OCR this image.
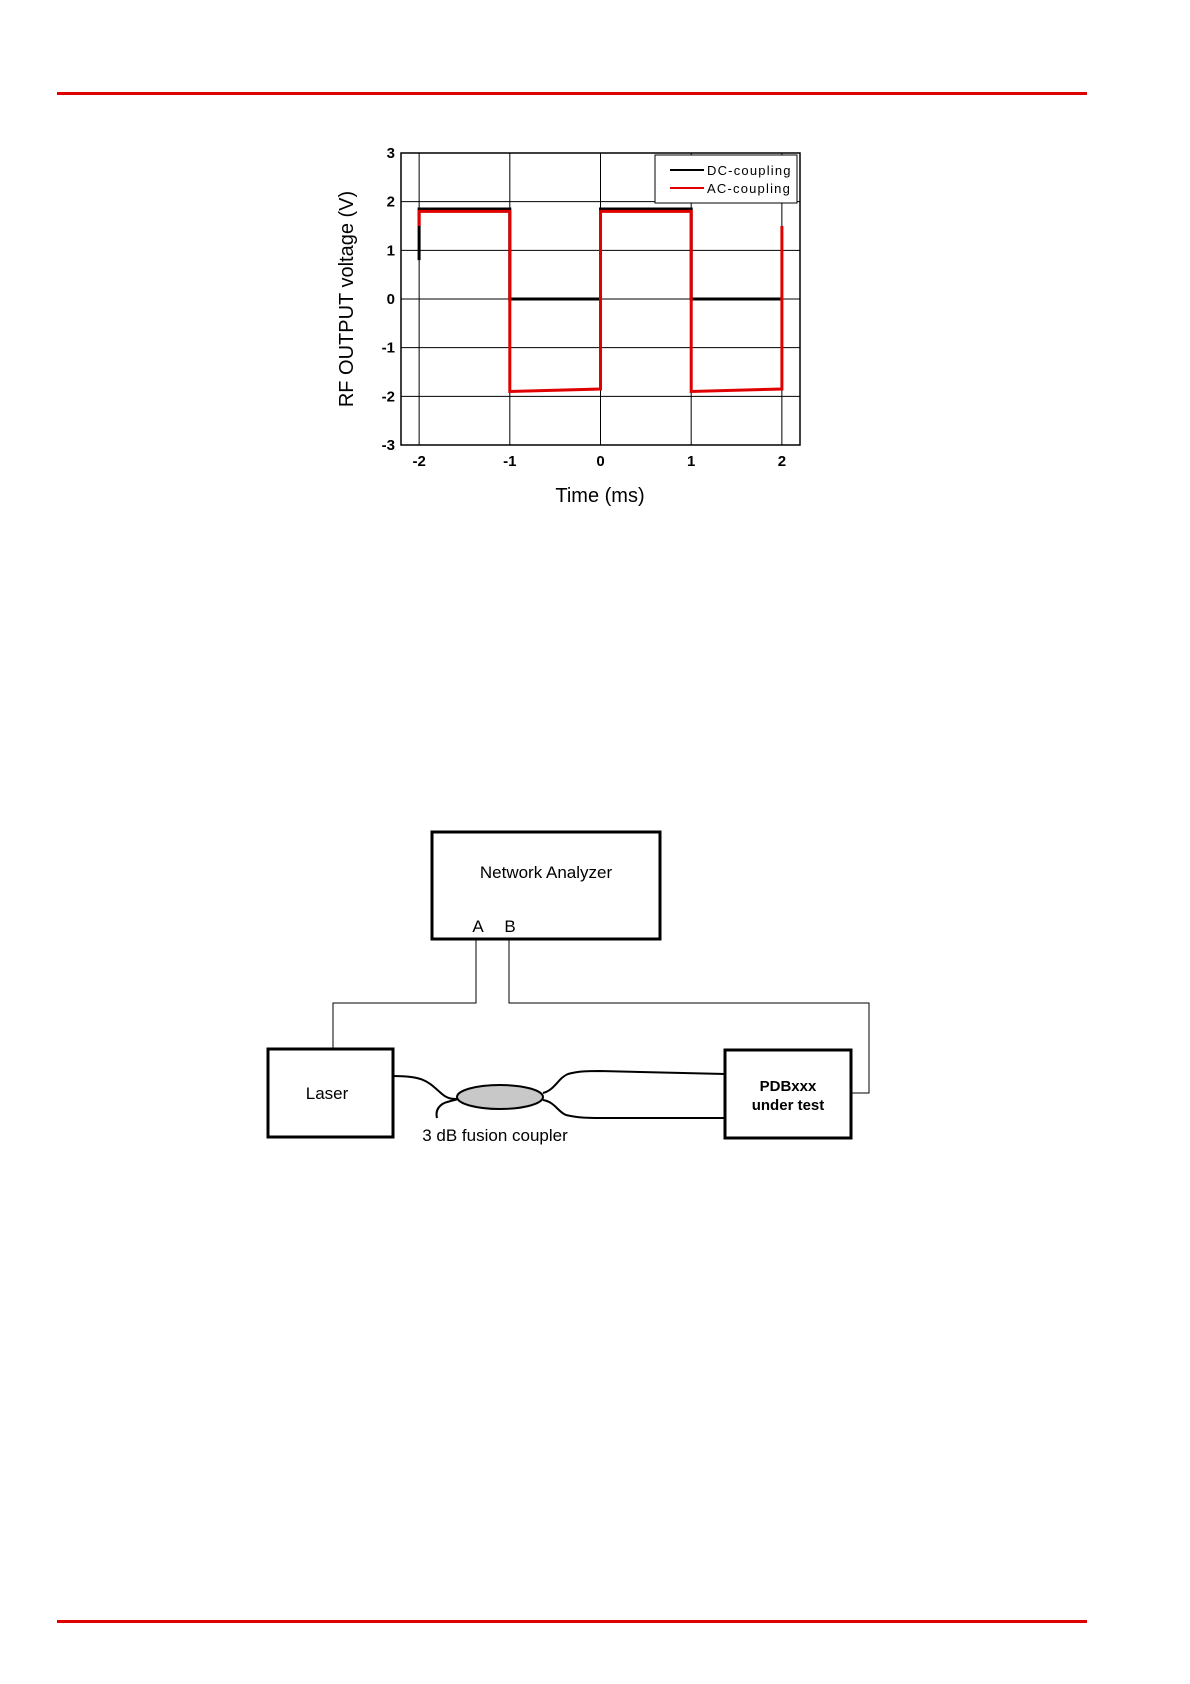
-2	-1	0	1	2
3
2
1
0
-1
-2
-3
DC-coupling
AC-coupling
Time (ms)
RF OUTPUT voltage (V)
Network Analyzer
A B
Laser	PDBxxx
under test
3 dB fusion coupler
